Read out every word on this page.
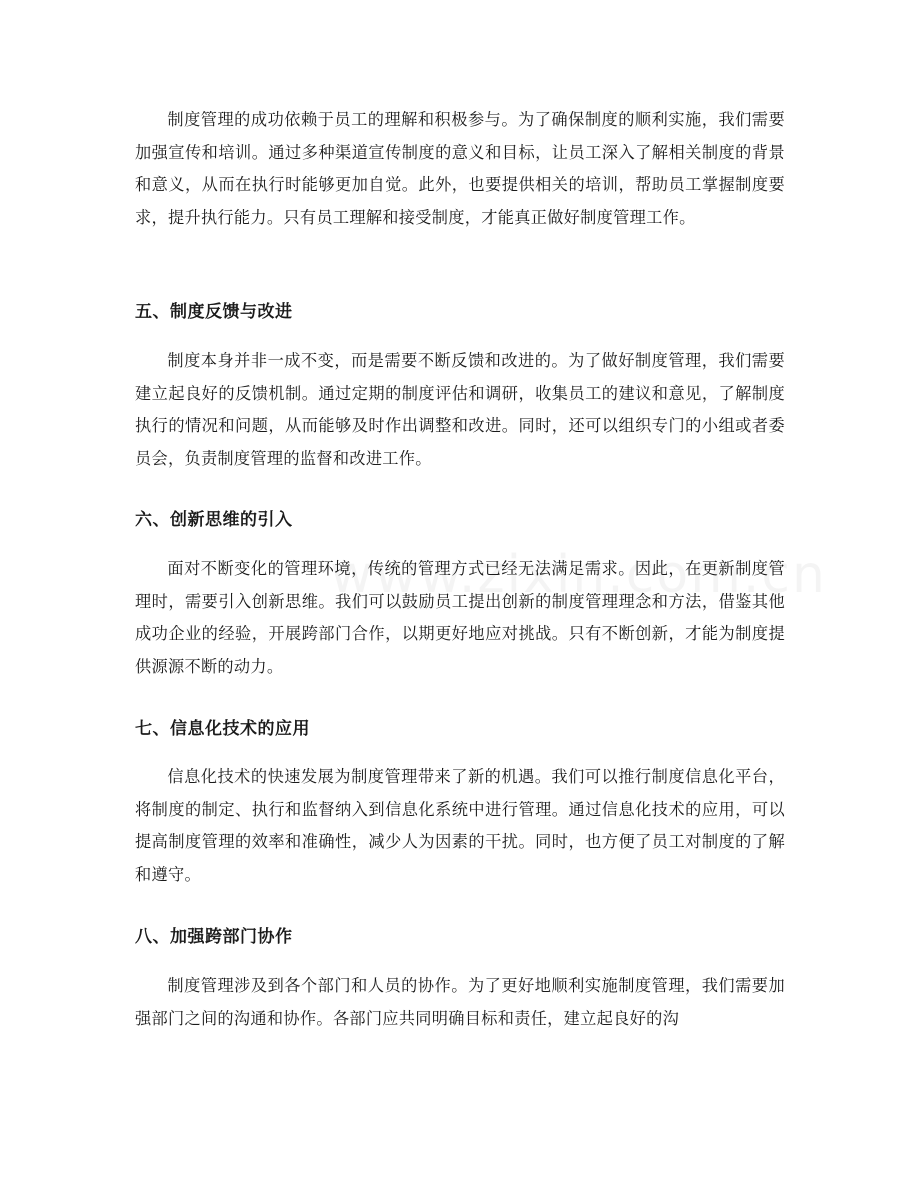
制度管理的成功依赖于员工的理解和积极参与。为了确保制度的顺利实施，我们需要加强宣传和培训。通过多种渠道宣传制度的意义和目标，让员工深入了解相关制度的背景和意义，从而在执行时能够更加自觉。此外，也要提供相关的培训，帮助员工掌握制度要求，提升执行能力。只有员工理解和接受制度，才能真正做好制度管理工作。

五、制度反馈与改进

制度本身并非一成不变，而是需要不断反馈和改进的。为了做好制度管理，我们需要建立起良好的反馈机制。通过定期的制度评估和调研，收集员工的建议和意见，了解制度执行的情况和问题，从而能够及时作出调整和改进。同时，还可以组织专门的小组或者委员会，负责制度管理的监督和改进工作。

六、创新思维的引入

面对不断变化的管理环境，传统的管理方式已经无法满足需求。因此，在更新制度管理时，需要引入创新思维。我们可以鼓励员工提出创新的制度管理理念和方法，借鉴其他成功企业的经验，开展跨部门合作，以期更好地应对挑战。只有不断创新，才能为制度提供源源不断的动力。

七、信息化技术的应用

信息化技术的快速发展为制度管理带来了新的机遇。我们可以推行制度信息化平台，将制度的制定、执行和监督纳入到信息化系统中进行管理。通过信息化技术的应用，可以提高制度管理的效率和准确性，减少人为因素的干扰。同时，也方便了员工对制度的了解和遵守。

八、加强跨部门协作

制度管理涉及到各个部门和人员的协作。为了更好地顺利实施制度管理，我们需要加强部门之间的沟通和协作。各部门应共同明确目标和责任，建立起良好的沟
